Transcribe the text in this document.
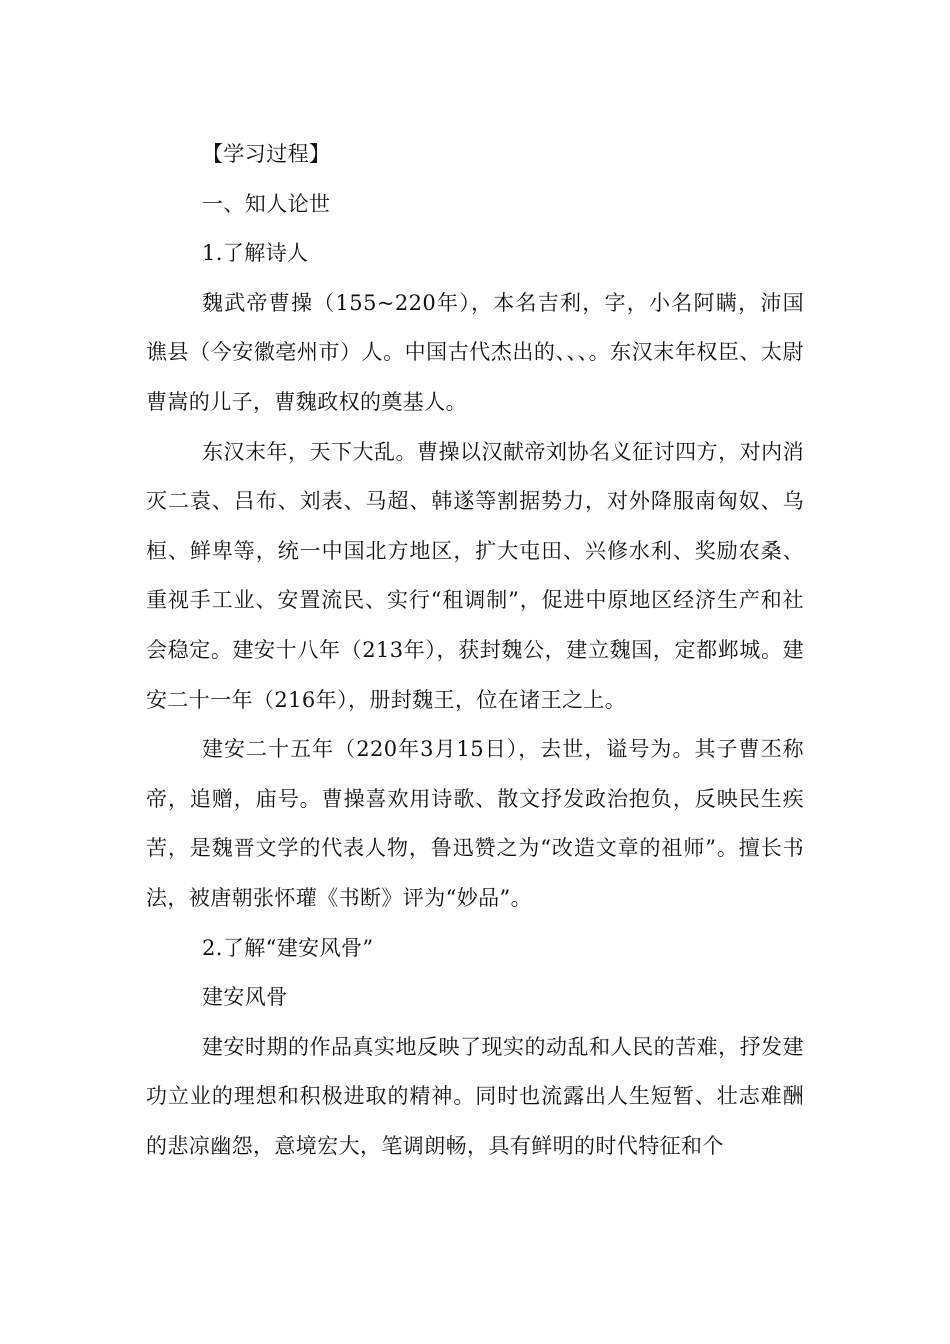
【学习过程】

一、知人论世

1.了解诗人

魏武帝曹操（155~220年），本名吉利，字，小名阿瞒，沛国谯县（今安徽亳州市）人。中国古代杰出的、、、。东汉末年权臣、太尉曹嵩的儿子，曹魏政权的奠基人。

东汉末年，天下大乱。曹操以汉献帝刘协名义征讨四方，对内消灭二袁、吕布、刘表、马超、韩遂等割据势力，对外降服南匈奴、乌桓、鲜卑等，统一中国北方地区，扩大屯田、兴修水利、奖励农桑、重视手工业、安置流民、实行“租调制”，促进中原地区经济生产和社会稳定。建安十八年（213年），获封魏公，建立魏国，定都邺城。建安二十一年（216年），册封魏王，位在诸王之上。

建安二十五年（220年3月15日），去世，谥号为。其子曹丕称帝，追赠，庙号。曹操喜欢用诗歌、散文抒发政治抱负，反映民生疾苦，是魏晋文学的代表人物，鲁迅赞之为“改造文章的祖师”。擅长书法，被唐朝张怀瓘《书断》评为“妙品”。

2.了解“建安风骨”

建安风骨

建安时期的作品真实地反映了现实的动乱和人民的苦难，抒发建功立业的理想和积极进取的精神。同时也流露出人生短暂、壮志难酬的悲凉幽怨，意境宏大，笔调朗畅，具有鲜明的时代特征和个
